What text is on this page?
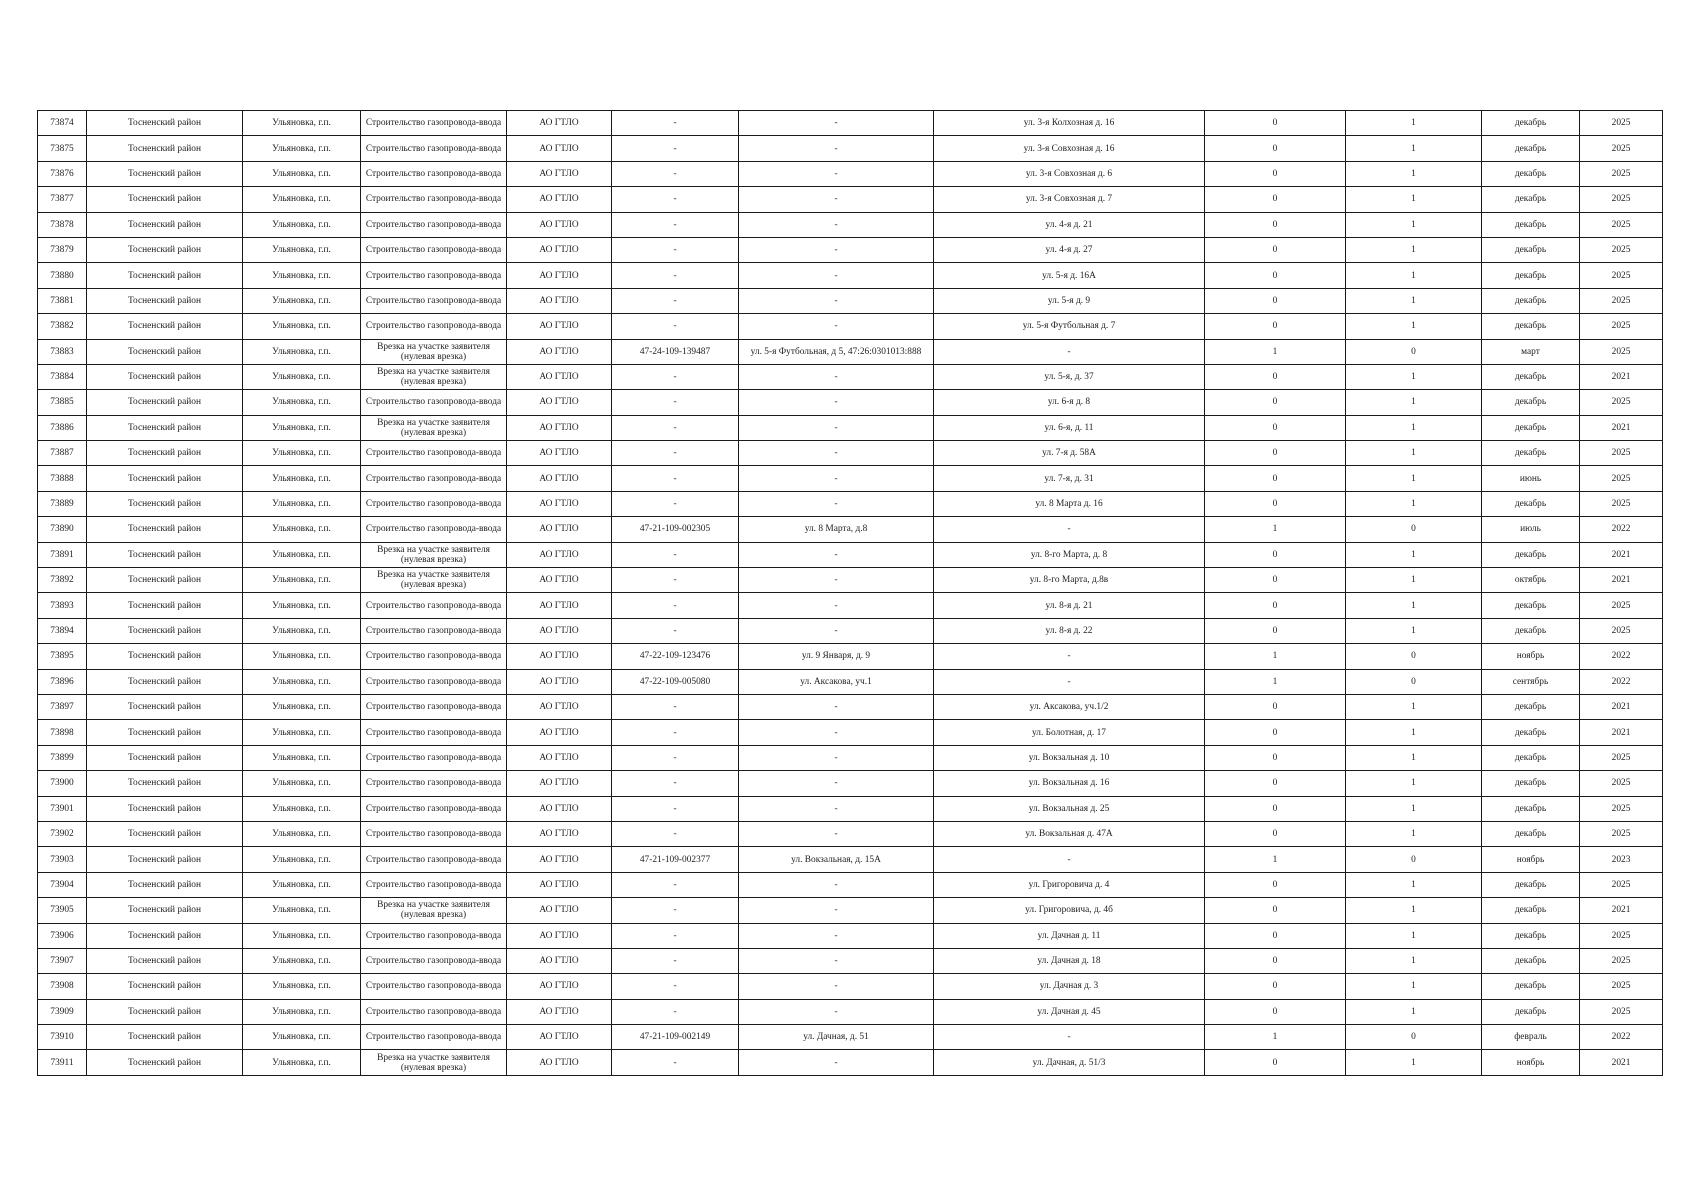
73874	Тосненский район	Ульяновка, г.п.	Строительство газопровода-ввода	АО ГТЛО	-	-	ул. 3-я Колхозная д. 16	0	1	декабрь	2025
73875	Тосненский район	Ульяновка, г.п.	Строительство газопровода-ввода	АО ГТЛО	-	-	ул. 3-я Совхозная д. 16	0	1	декабрь	2025
73876	Тосненский район	Ульяновка, г.п.	Строительство газопровода-ввода	АО ГТЛО	-	-	ул. 3-я Совхозная д. 6	0	1	декабрь	2025
73877	Тосненский район	Ульяновка, г.п.	Строительство газопровода-ввода	АО ГТЛО	-	-	ул. 3-я Совхозная д. 7	0	1	декабрь	2025
73878	Тосненский район	Ульяновка, г.п.	Строительство газопровода-ввода	АО ГТЛО	-	-	ул. 4-я д. 21	0	1	декабрь	2025
73879	Тосненский район	Ульяновка, г.п.	Строительство газопровода-ввода	АО ГТЛО	-	-	ул. 4-я д. 27	0	1	декабрь	2025
73880	Тосненский район	Ульяновка, г.п.	Строительство газопровода-ввода	АО ГТЛО	-	-	ул. 5-я д. 16А	0	1	декабрь	2025
73881	Тосненский район	Ульяновка, г.п.	Строительство газопровода-ввода	АО ГТЛО	-	-	ул. 5-я д. 9	0	1	декабрь	2025
73882	Тосненский район	Ульяновка, г.п.	Строительство газопровода-ввода	АО ГТЛО	-	-	ул. 5-я Футбольная д. 7	0	1	декабрь	2025
73883	Тосненский район	Ульяновка, г.п.	Врезка на участке заявителя (нулевая врезка)	АО ГТЛО	47-24-109-139487	ул. 5-я Футбольная, д 5, 47:26:0301013:888	-	1	0	март	2025
73884	Тосненский район	Ульяновка, г.п.	Врезка на участке заявителя (нулевая врезка)	АО ГТЛО	-	-	ул. 5-я, д. 37	0	1	декабрь	2021
73885	Тосненский район	Ульяновка, г.п.	Строительство газопровода-ввода	АО ГТЛО	-	-	ул. 6-я д. 8	0	1	декабрь	2025
73886	Тосненский район	Ульяновка, г.п.	Врезка на участке заявителя (нулевая врезка)	АО ГТЛО	-	-	ул. 6-я, д. 11	0	1	декабрь	2021
73887	Тосненский район	Ульяновка, г.п.	Строительство газопровода-ввода	АО ГТЛО	-	-	ул. 7-я д. 58А	0	1	декабрь	2025
73888	Тосненский район	Ульяновка, г.п.	Строительство газопровода-ввода	АО ГТЛО	-	-	ул. 7-я, д. 31	0	1	июнь	2025
73889	Тосненский район	Ульяновка, г.п.	Строительство газопровода-ввода	АО ГТЛО	-	-	ул. 8 Марта д. 16	0	1	декабрь	2025
73890	Тосненский район	Ульяновка, г.п.	Строительство газопровода-ввода	АО ГТЛО	47-21-109-002305	ул. 8 Марта, д.8	-	1	0	июль	2022
73891	Тосненский район	Ульяновка, г.п.	Врезка на участке заявителя (нулевая врезка)	АО ГТЛО	-	-	ул. 8-го Марта, д. 8	0	1	декабрь	2021
73892	Тосненский район	Ульяновка, г.п.	Врезка на участке заявителя (нулевая врезка)	АО ГТЛО	-	-	ул. 8-го Марта, д.8в	0	1	октябрь	2021
73893	Тосненский район	Ульяновка, г.п.	Строительство газопровода-ввода	АО ГТЛО	-	-	ул. 8-я д. 21	0	1	декабрь	2025
73894	Тосненский район	Ульяновка, г.п.	Строительство газопровода-ввода	АО ГТЛО	-	-	ул. 8-я д. 22	0	1	декабрь	2025
73895	Тосненский район	Ульяновка, г.п.	Строительство газопровода-ввода	АО ГТЛО	47-22-109-123476	ул. 9 Января, д. 9	-	1	0	ноябрь	2022
73896	Тосненский район	Ульяновка, г.п.	Строительство газопровода-ввода	АО ГТЛО	47-22-109-005080	ул. Аксакова, уч.1	-	1	0	сентябрь	2022
73897	Тосненский район	Ульяновка, г.п.	Строительство газопровода-ввода	АО ГТЛО	-	-	ул. Аксакова, уч.1/2	0	1	декабрь	2021
73898	Тосненский район	Ульяновка, г.п.	Строительство газопровода-ввода	АО ГТЛО	-	-	ул. Болотная, д. 17	0	1	декабрь	2021
73899	Тосненский район	Ульяновка, г.п.	Строительство газопровода-ввода	АО ГТЛО	-	-	ул. Вокзальная д. 10	0	1	декабрь	2025
73900	Тосненский район	Ульяновка, г.п.	Строительство газопровода-ввода	АО ГТЛО	-	-	ул. Вокзальная д. 16	0	1	декабрь	2025
73901	Тосненский район	Ульяновка, г.п.	Строительство газопровода-ввода	АО ГТЛО	-	-	ул. Вокзальная д. 25	0	1	декабрь	2025
73902	Тосненский район	Ульяновка, г.п.	Строительство газопровода-ввода	АО ГТЛО	-	-	ул. Вокзальная д. 47А	0	1	декабрь	2025
73903	Тосненский район	Ульяновка, г.п.	Строительство газопровода-ввода	АО ГТЛО	47-21-109-002377	ул. Вокзальная, д. 15А	-	1	0	ноябрь	2023
73904	Тосненский район	Ульяновка, г.п.	Строительство газопровода-ввода	АО ГТЛО	-	-	ул. Григоровича д. 4	0	1	декабрь	2025
73905	Тосненский район	Ульяновка, г.п.	Врезка на участке заявителя (нулевая врезка)	АО ГТЛО	-	-	ул. Григоровича, д. 4б	0	1	декабрь	2021
73906	Тосненский район	Ульяновка, г.п.	Строительство газопровода-ввода	АО ГТЛО	-	-	ул. Дачная д. 11	0	1	декабрь	2025
73907	Тосненский район	Ульяновка, г.п.	Строительство газопровода-ввода	АО ГТЛО	-	-	ул. Дачная д. 18	0	1	декабрь	2025
73908	Тосненский район	Ульяновка, г.п.	Строительство газопровода-ввода	АО ГТЛО	-	-	ул. Дачная д. 3	0	1	декабрь	2025
73909	Тосненский район	Ульяновка, г.п.	Строительство газопровода-ввода	АО ГТЛО	-	-	ул. Дачная д. 45	0	1	декабрь	2025
73910	Тосненский район	Ульяновка, г.п.	Строительство газопровода-ввода	АО ГТЛО	47-21-109-002149	ул. Дачная, д. 51	-	1	0	февраль	2022
73911	Тосненский район	Ульяновка, г.п.	Врезка на участке заявителя (нулевая врезка)	АО ГТЛО	-	-	ул. Дачная, д. 51/3	0	1	ноябрь	2021
